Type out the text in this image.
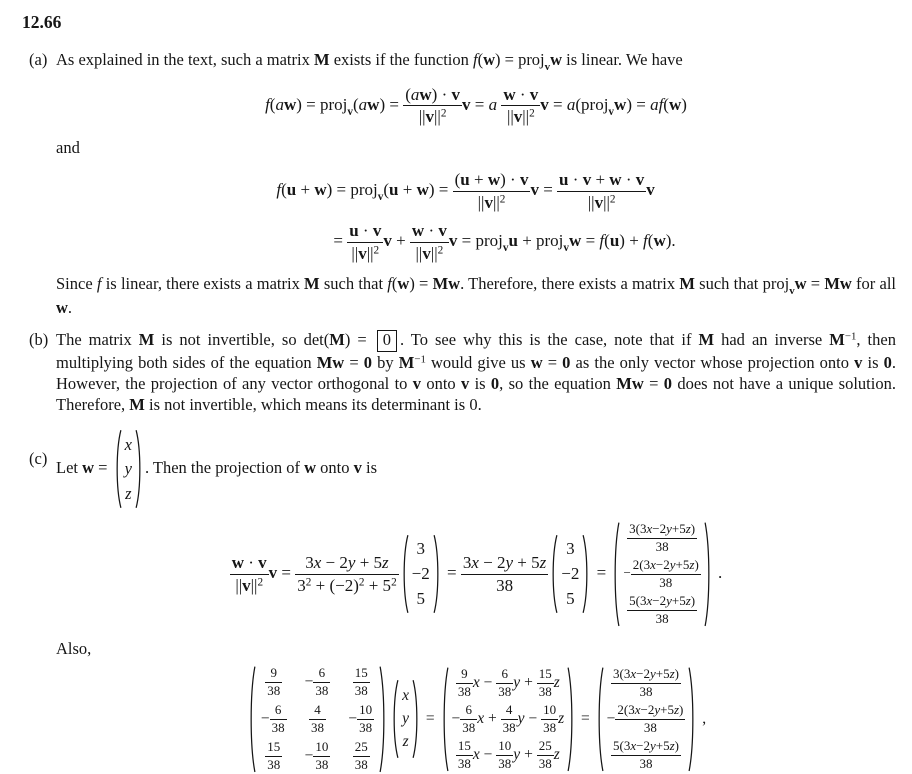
12.66
(a) As explained in the text, such a matrix M exists if the function f(w) = proj$_v$w is linear. We have

f(aw) = proj$_v$(aw) = $\frac{(aw) \cdot v}{||v||^2}$ v = a $\frac{w \cdot v}{||v||^2}$ v = a(proj$_v$w) = af(w)

and

f(u + w) = proj$_v$(u + $w) = \frac{(u + w) \cdot v}{||v||^2}$ $v = \frac{u \cdot v + w \cdot v}{||v||^2}$ v
= $\frac{u \cdot v}{||v||^2}$ $v + \frac{w \cdot v}{||v||^2}$ v = proj$_v$u + proj$_v$w = f(u) + f(w).

Since f is linear, there exists a matrix M such that f(w) = Mw. Therefore, there exists a matrix M such that proj$_v$w = Mw for all w.

(b) The matrix M is not invertible, so det(M) = 0 . To see why this is the case, note that if M had an inverse $M^{-1}$, then multiplying both sides of the equation Mw = 0 by $M^{-1}$ would give us w = 0 as the only vector whose projection onto v is 0. However, the projection of any vector orthogonal to v onto v is 0, so the equation Mw = 0 does not have a unique solution. Therefore, M is not invertible, which means its determinant is 0.

(c) Let w =
x
y
z
. Then the projection of w onto v is

$\frac{w \cdot v}{||v||^2}$ $v = \frac{3x - 2y + 5z}{3^2 + (-2)^2 + 5^2}$
3
−2
5
= $\frac{3x - 2y + 5z}{38}$
3
−2
5
=
$\frac{3(3x-2y+5z)}{38}$
− $\frac{2(3x-2y+5z)}{38}$
$\frac{5(3x-2y+5z)}{38}$
.

Also,

$\frac{9}{38} - \frac{6}{38} \frac{15}{38}$
− $\frac{6}{38} \frac{4}{38} - \frac{10}{38}$
$\frac{15}{38} - \frac{10}{38} \frac{25}{38}$
x
y
z
=
$\frac{9}{38}$ $x - \frac{6}{38}$ $y + \frac{15}{38}$ z
− $\frac{6}{38}$ $x + \frac{4}{38}$ $y - \frac{10}{38}$ z
$\frac{15}{38}$ $x - \frac{10}{38}$ $y + \frac{25}{38}$ z
=
$\frac{3(3x-2y+5z)}{38}$
− $\frac{2(3x-2y+5z)}{38}$
$\frac{5(3x-2y+5z)}{38}$
,
